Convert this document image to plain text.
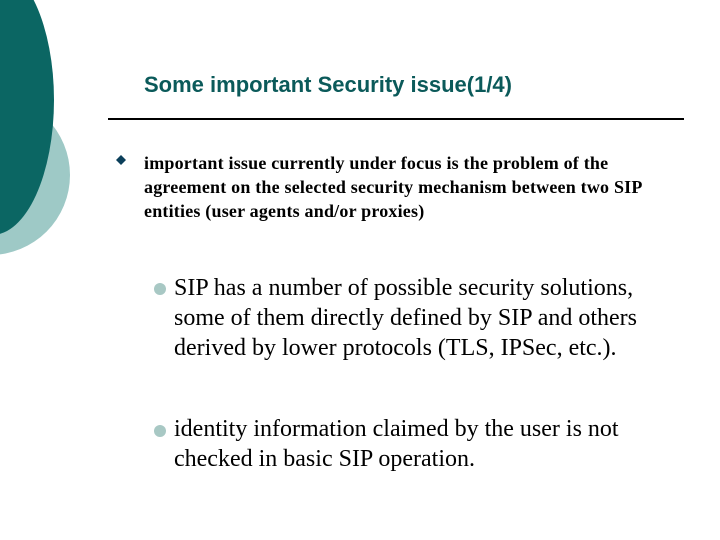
Some important Security issue(1/4)
important issue currently under focus is the problem of the agreement on the selected security mechanism between two SIP entities (user agents and/or proxies)
SIP has a number of possible security solutions, some of them directly defined by SIP and others derived by lower protocols (TLS, IPSec, etc.).
identity information claimed by the user is not checked in basic SIP operation.
